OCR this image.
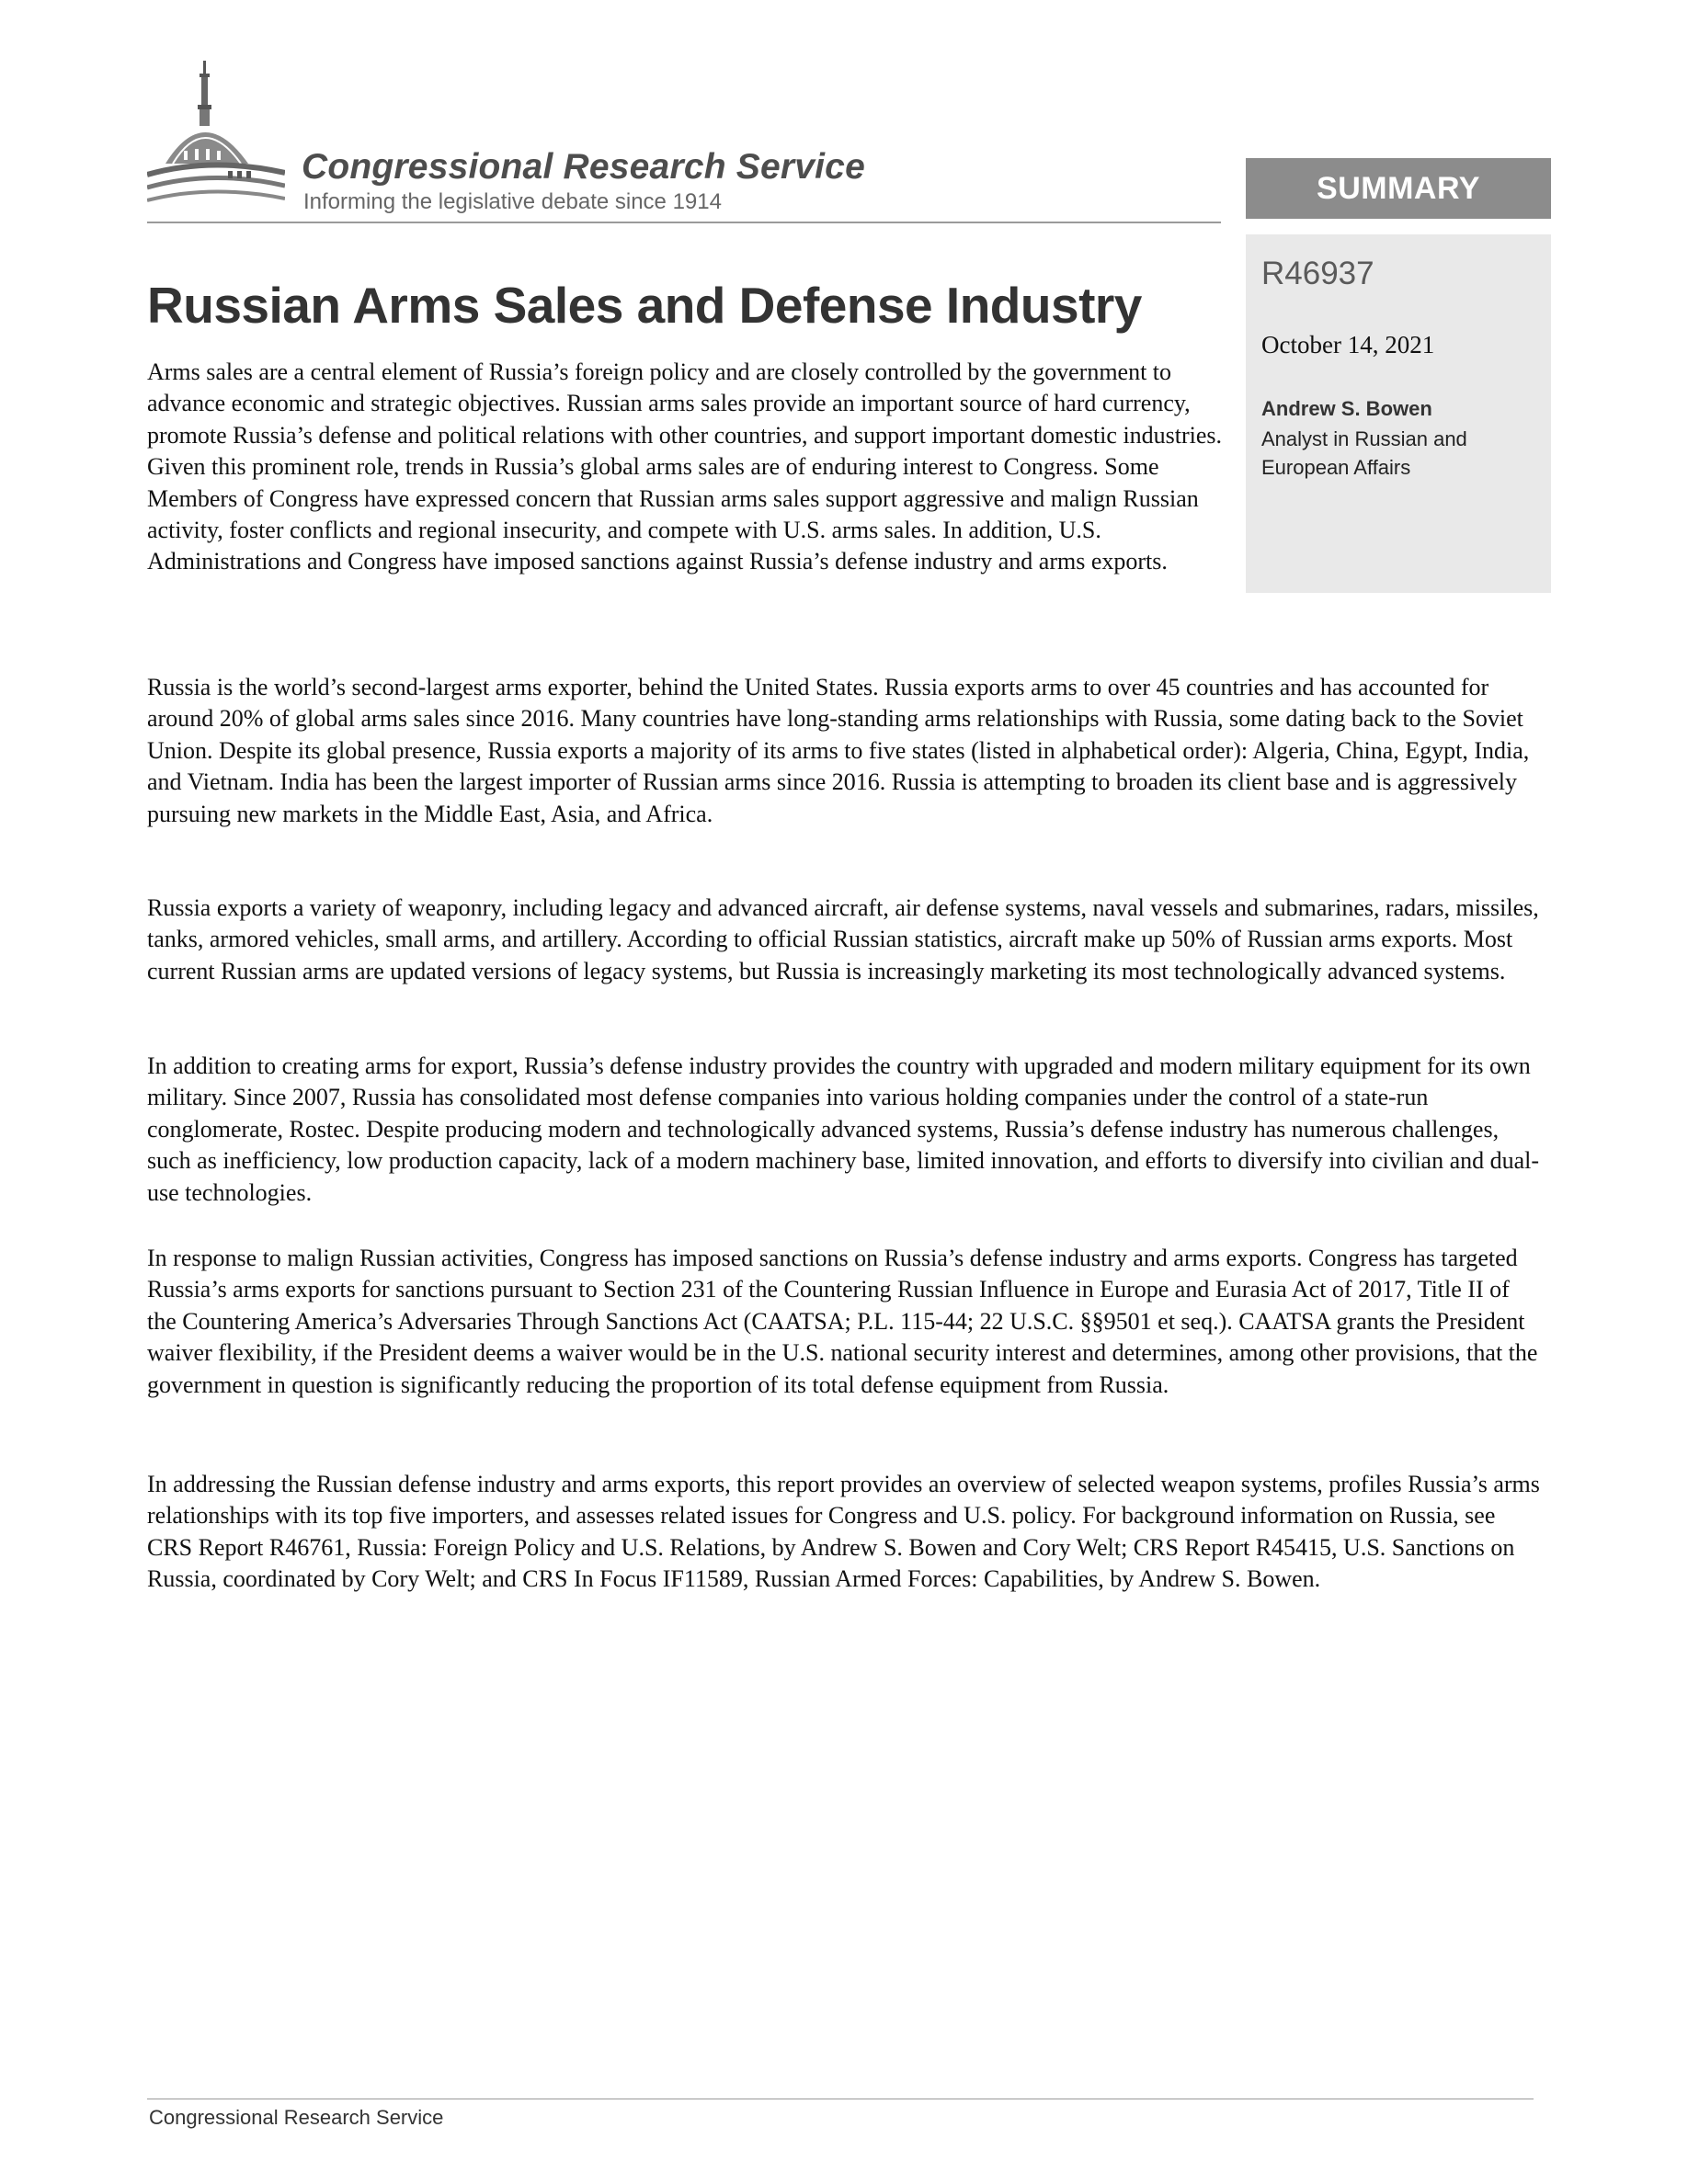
Congressional Research Service

Informing the legislative debate since 1914	SUMMARY

R46937

October 14, 2021

Andrew S. Bowen

Analyst in Russian and European Affairs

Russian Arms Sales and Defense Industry

Arms sales are a central element of Russia’s foreign policy and are closely controlled by the government to advance economic and strategic objectives. Russian arms sales provide an important source of hard currency, promote Russia’s defense and political relations with other countries, and support important domestic industries. Given this prominent role, trends in Russia’s global arms sales are of enduring interest to Congress. Some Members of Congress have expressed concern that Russian arms sales support aggressive and malign Russian activity, foster conflicts and regional insecurity, and compete with U.S. arms sales. In addition, U.S. Administrations and Congress have imposed sanctions against Russia’s defense industry and arms exports.

Russia is the world’s second-largest arms exporter, behind the United States. Russia exports arms to over 45 countries and has accounted for around 20% of global arms sales since 2016. Many countries have long-standing arms relationships with Russia, some dating back to the Soviet Union. Despite its global presence, Russia exports a majority of its arms to five states (listed in alphabetical order): Algeria, China, Egypt, India, and Vietnam. India has been the largest importer of Russian arms since 2016. Russia is attempting to broaden its client base and is aggressively pursuing new markets in the Middle East, Asia, and Africa.

Russia exports a variety of weaponry, including legacy and advanced aircraft, air defense systems, naval vessels and submarines, radars, missiles, tanks, armored vehicles, small arms, and artillery. According to official Russian statistics, aircraft make up 50% of Russian arms exports. Most current Russian arms are updated versions of legacy systems, but Russia is increasingly marketing its most technologically advanced systems.

In addition to creating arms for export, Russia’s defense industry provides the country with upgraded and modern military equipment for its own military. Since 2007, Russia has consolidated most defense companies into various holding companies under the control of a state-run conglomerate, Rostec. Despite producing modern and technologically advanced systems, Russia’s defense industry has numerous challenges, such as inefficiency, low production capacity, lack of a modern machinery base, limited innovation, and efforts to diversify into civilian and dual-use technologies.

In response to malign Russian activities, Congress has imposed sanctions on Russia’s defense industry and arms exports. Congress has targeted Russia’s arms exports for sanctions pursuant to Section 231 of the Countering Russian Influence in Europe and Eurasia Act of 2017, Title II of the Countering America’s Adversaries Through Sanctions Act (CAATSA; P.L. 115-44; 22 U.S.C. §§9501 et seq.). CAATSA grants the President waiver flexibility, if the President deems a waiver would be in the U.S. national security interest and determines, among other provisions, that the government in question is significantly reducing the proportion of its total defense equipment from Russia.

In addressing the Russian defense industry and arms exports, this report provides an overview of selected weapon systems, profiles Russia’s arms relationships with its top five importers, and assesses related issues for Congress and U.S. policy. For background information on Russia, see CRS Report R46761, Russia: Foreign Policy and U.S. Relations, by Andrew S. Bowen and Cory Welt; CRS Report R45415, U.S. Sanctions on Russia, coordinated by Cory Welt; and CRS In Focus IF11589, Russian Armed Forces: Capabilities, by Andrew S. Bowen.

Congressional Research Service
